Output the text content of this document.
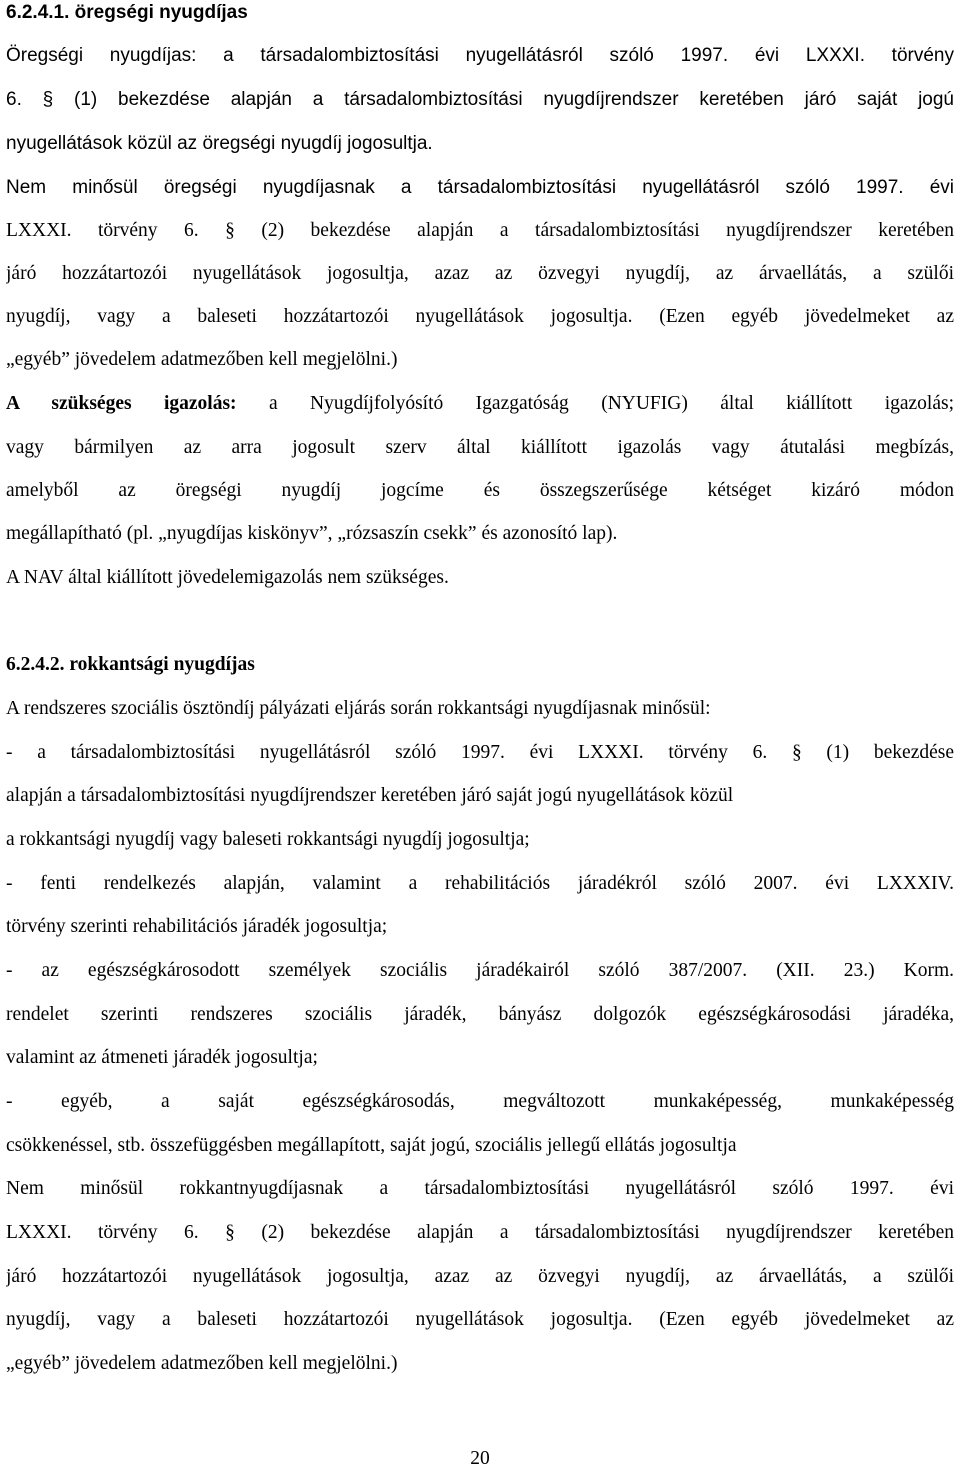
6.2.4.1. öregségi nyugdíjas
Öregségi nyugdíjas: a társadalombiztosítási nyugellátásról szóló 1997. évi LXXXI. törvény
6. § (1) bekezdése alapján a társadalombiztosítási nyugdíjrendszer keretében járó saját jogú
nyugellátások közül az öregségi nyugdíj jogosultja.
Nem minősül öregségi nyugdíjasnak a társadalombiztosítási nyugellátásról szóló 1997. évi
LXXXI. törvény 6. § (2) bekezdése alapján a társadalombiztosítási nyugdíjrendszer keretében
járó hozzátartozói nyugellátások jogosultja, azaz az özvegyi nyugdíj, az árvaellátás, a szülői
nyugdíj, vagy a baleseti hozzátartozói nyugellátások jogosultja. (Ezen egyéb jövedelmeket az
„egyéb” jövedelem adatmezőben kell megjelölni.)
A szükséges igazolás: a Nyugdíjfolyósító Igazgatóság (NYUFIG) által kiállított igazolás;
vagy bármilyen az arra jogosult szerv által kiállított igazolás vagy átutalási megbízás,
amelyből az öregségi nyugdíj jogcíme és összegszerűsége kétséget kizáró módon
megállapítható (pl. „nyugdíjas kiskönyv”, „rózsaszín csekk” és azonosító lap).
A NAV által kiállított jövedelemigazolás nem szükséges.
6.2.4.2. rokkantsági nyugdíjas
A rendszeres szociális ösztöndíj pályázati eljárás során rokkantsági nyugdíjasnak minősül:
- a társadalombiztosítási nyugellátásról szóló 1997. évi LXXXI. törvény 6. § (1) bekezdése
alapján a társadalombiztosítási nyugdíjrendszer keretében járó saját jogú nyugellátások közül
a rokkantsági nyugdíj vagy baleseti rokkantsági nyugdíj jogosultja;
- fenti rendelkezés alapján, valamint a rehabilitációs járadékról szóló 2007. évi LXXXIV.
törvény szerinti rehabilitációs járadék jogosultja;
- az egészségkárosodott személyek szociális járadékairól szóló 387/2007. (XII. 23.) Korm.
rendelet szerinti rendszeres szociális járadék, bányász dolgozók egészségkárosodási járadéka,
valamint az átmeneti járadék jogosultja;
- egyéb, a saját egészségkárosodás, megváltozott munkaképesség, munkaképesség
csökkenéssel, stb. összefüggésben megállapított, saját jogú, szociális jellegű ellátás jogosultja
Nem minősül rokkantnyugdíjasnak a társadalombiztosítási nyugellátásról szóló 1997. évi
LXXXI. törvény 6. § (2) bekezdése alapján a társadalombiztosítási nyugdíjrendszer keretében
járó hozzátartozói nyugellátások jogosultja, azaz az özvegyi nyugdíj, az árvaellátás, a szülői
nyugdíj, vagy a baleseti hozzátartozói nyugellátások jogosultja. (Ezen egyéb jövedelmeket az
„egyéb” jövedelem adatmezőben kell megjelölni.)
20
